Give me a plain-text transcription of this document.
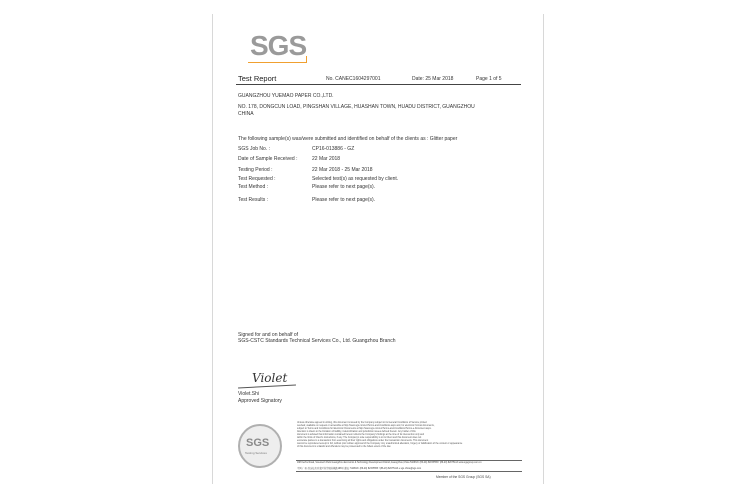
SGS
Test Report	No. CANEC1604297001	Date: 25 Mar 2018	Page 1 of 5
GUANGZHOU YUEMAO PAPER CO.,LTD.
NO. 178, DONGCUN LOAD, PINGSHAN VILLAGE, HUASHAN TOWN, HUADU DISTRICT, GUANGZHOU
CHINA
The following sample(s) was/were submitted and identified on behalf of the clients as : Glitter paper
SGS Job No. :	CP16-013886 - GZ
Date of Sample Received :	22 Mar 2018
Testing Period :	22 Mar 2018 - 25 Mar 2018
Test Requested :	Selected test(s) as requested by client.
Test Method :	Please refer to next page(s).
Test Results :	Please refer to next page(s).
Signed for and on behalf of
SGS-CSTC Standards Technical Services Co., Ltd. Guangzhou Branch
Violet
Violet.Shi
Approved Signatory
SGS
Testing Services
Unless otherwise agreed in writing, this document is issued by the Company subject to its General Conditions of Service printed
overleaf, available on request or accessible at http://www.sgs.com/en/Terms-and-Conditions.aspx and, for electronic format documents,
subject to Terms and Conditions for Electronic Documents at http://www.sgs.com/en/Terms-and-Conditions/Terms-e-Document.aspx.
Attention is drawn to the limitation of liability, indemnification and jurisdiction issues defined therein. Any holder of this
document is advised that information contained hereon reflects the Company's findings at the time of its intervention only and
within the limits of Client's instructions, if any. The Company's sole responsibility is to its Client and this document does not
exonerate parties to a transaction from exercising all their rights and obligations under the transaction documents. This document
cannot be reproduced except in full, without prior written approval of the Company. Any unauthorized alteration, forgery or falsification of the content or appearance
of this document is unlawful and offenders may be prosecuted to the fullest extent of the law.
198 Kezhu Road, Scientech Park Guangzhou Economic & Technology Development District,Guangzhou,China 510663 t (86-20) 82155555 f (86-20) 82075113 www.sgsgroup.com.cn
中国·广州·经济技术开发区科学城科珠路198号 邮编: 510663 t (86-20) 82155555 f (86-20) 82075113 e sgs.china@sgs.com
Member of the SGS Group (SGS SA)
